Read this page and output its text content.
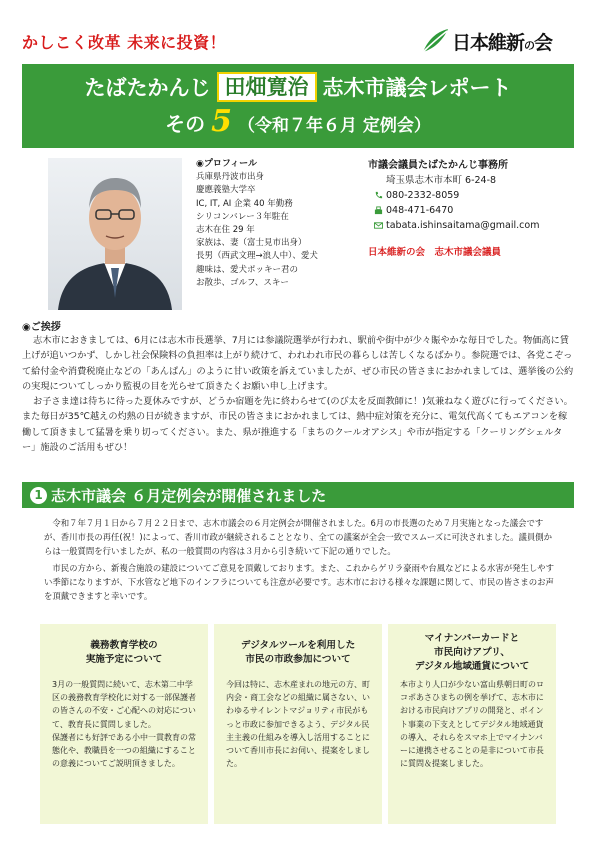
かしこく改革 未来に投資！	日本維新の会
たばたかんじ 田畑寛治 志木市議会レポート
その 5 （令和７年６月 定例会）
◉プロフィール
兵庫県丹波市出身
慶應義塾大学卒
IC, IT, AI 企業 40 年勤務
シリコンバレー３年駐在
志木在住 29 年
家族は、妻（富士見市出身）
長男（西武文理→浪人中）、愛犬
趣味は、愛犬ポッキー君の
お散歩、ゴルフ、スキー
市議会議員たばたかんじ事務所
埼玉県志木市本町 6-24-8
080-2332-8059
048-471-6470
tabata.ishinsaitama@gmail.com
日本維新の会　志木市議会議員
◉ご挨拶

志木市におきましては、6月には志木市長選挙、7月には参議院選挙が行われ、駅前や街中が少々賑やかな毎日でした。物価高に賃上げが追いつかず、しかし社会保険料の負担率は上がり続けて、われわれ市民の暮らしは苦しくなるばかり。参院選では、各党こぞって給付金や消費税廃止などの「あんぱん」のように甘い政策を訴えていましたが、ぜひ市民の皆さまにおかれましては、選挙後の公約の実現についてしっかり監視の目を光らせて頂きたくお願い申し上げます。

お子さま達は待ちに待った夏休みですが、どうか宿題を先に終わらせて(のび太を反面教師に！)気兼ねなく遊びに行ってください。また毎日が35℃越えの灼熱の日が続きますが、市民の皆さまにおかれましては、熱中症対策を充分に、電気代高くてもエアコンを稼働して頂きまして猛暑を乗り切ってください。また、県が推進する「まちのクールオアシス」や市が指定する「クーリングシェルター」施設のご活用もぜひ！

1 志木市議会 ６月定例会が開催されました

令和７年７月１日から７月２２日まで、志木市議会の６月定例会が開催されました。6月の市長選のため７月実施となった議会ですが、香川市長の再任(祝！)によって、香川市政が継続されることとなり、全ての議案が全会一致でスムーズに可決されました。議員側からは一般質問を行いましたが、私の一般質問の内容は３月から引き続いて下記の通りでした。

市民の方から、新複合施設の建設についてご意見を頂戴しております。また、これからゲリラ豪雨や台風などによる水害が発生しやすい季節になりますが、下水管など地下のインフラについても注意が必要です。志木市における様々な課題に関して、市民の皆さまのお声を頂戴できますと幸いです。

義務教育学校の
実施予定について
3月の一般質問に続いて、志木第二中学区の義務教育学校化に対する一部保護者の皆さんの不安・ご心配への対応について、教育長に質問しました。
保護者にも好評である小中一貫教育の常態化や、教職員を一つの組織にすることの意義についてご説明頂きました。
デジタルツールを利用した
市民の市政参加について
今回は特に、志木産まれの地元の方、町内会・商工会などの組織に属さない、いわゆるサイレントマジョリティ市民がもっと市政に参加できるよう、デジタル民主主義の仕組みを導入し活用することについて香川市長にお伺い、提案をしました。
マイナンバーカードと
市民向けアプリ、
デジタル地域通貨について
本市より人口が少ない富山県朝日町のロコポあさひまちの例を挙げて、志木市における市民向けアプリの開発と、ポイント事業の下支えとしてデジタル地域通貨の導入、それらをスマホ上でマイナンバーに連携させることの是非について市長に質問＆提案しました。
